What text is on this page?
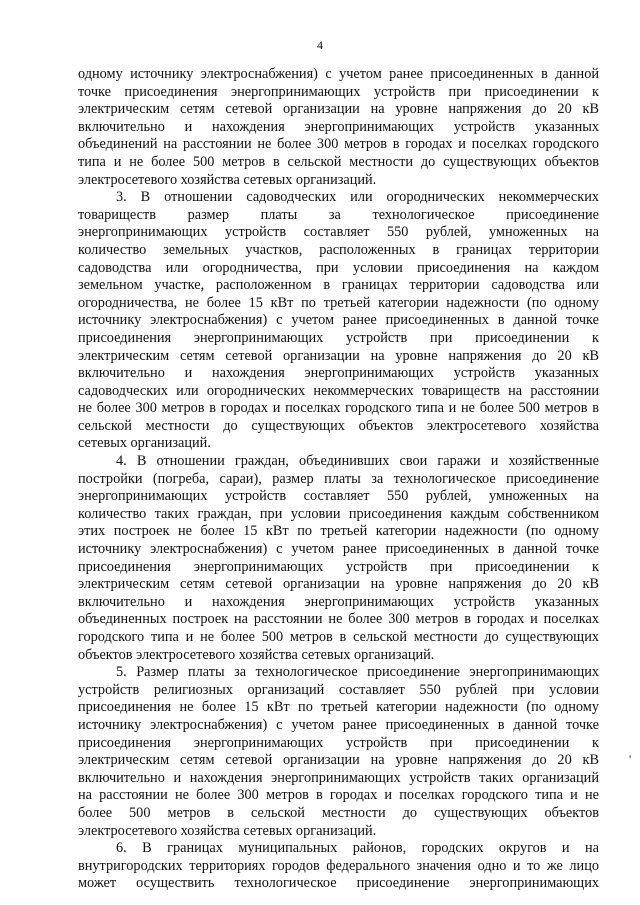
4
одному источнику электроснабжения) с учетом ранее присоединенных в данной
точке присоединения энергопринимающих устройств при присоединении к
электрическим сетям сетевой организации на уровне напряжения до 20 кВ
включительно и нахождения энергопринимающих устройств указанных
объединений на расстоянии не более 300 метров в городах и поселках городского
типа и не более 500 метров в сельской местности до существующих объектов
электросетевого хозяйства сетевых организаций.
3. В отношении садоводческих или огороднических некоммерческих
товариществ размер платы за технологическое присоединение
энергопринимающих устройств составляет 550 рублей, умноженных на
количество земельных участков, расположенных в границах территории
садоводства или огородничества, при условии присоединения на каждом
земельном участке, расположенном в границах территории садоводства или
огородничества, не более 15 кВт по третьей категории надежности (по одному
источнику электроснабжения) с учетом ранее присоединенных в данной точке
присоединения энергопринимающих устройств при присоединении к
электрическим сетям сетевой организации на уровне напряжения до 20 кВ
включительно и нахождения энергопринимающих устройств указанных
садоводческих или огороднических некоммерческих товариществ на расстоянии
не более 300 метров в городах и поселках городского типа и не более 500 метров в
сельской местности до существующих объектов электросетевого хозяйства
сетевых организаций.
4. В отношении граждан, объединивших свои гаражи и хозяйственные
постройки (погреба, сараи), размер платы за технологическое присоединение
энергопринимающих устройств составляет 550 рублей, умноженных на
количество таких граждан, при условии присоединения каждым собственником
этих построек не более 15 кВт по третьей категории надежности (по одному
источнику электроснабжения) с учетом ранее присоединенных в данной точке
присоединения энергопринимающих устройств при присоединении к
электрическим сетям сетевой организации на уровне напряжения до 20 кВ
включительно и нахождения энергопринимающих устройств указанных
объединенных построек на расстоянии не более 300 метров в городах и поселках
городского типа и не более 500 метров в сельской местности до существующих
объектов электросетевого хозяйства сетевых организаций.
5. Размер платы за технологическое присоединение энергопринимающих
устройств религиозных организаций составляет 550 рублей при условии
присоединения не более 15 кВт по третьей категории надежности (по одному
источнику электроснабжения) с учетом ранее присоединенных в данной точке
присоединения энергопринимающих устройств при присоединении к
электрическим сетям сетевой организации на уровне напряжения до 20 кВ
включительно и нахождения энергопринимающих устройств таких организаций
на расстоянии не более 300 метров в городах и поселках городского типа и не
более 500 метров в сельской местности до существующих объектов
электросетевого хозяйства сетевых организаций.
6. В границах муниципальных районов, городских округов и на
внутригородских территориях городов федерального значения одно и то же лицо
может осуществить технологическое присоединение энергопринимающих
'
